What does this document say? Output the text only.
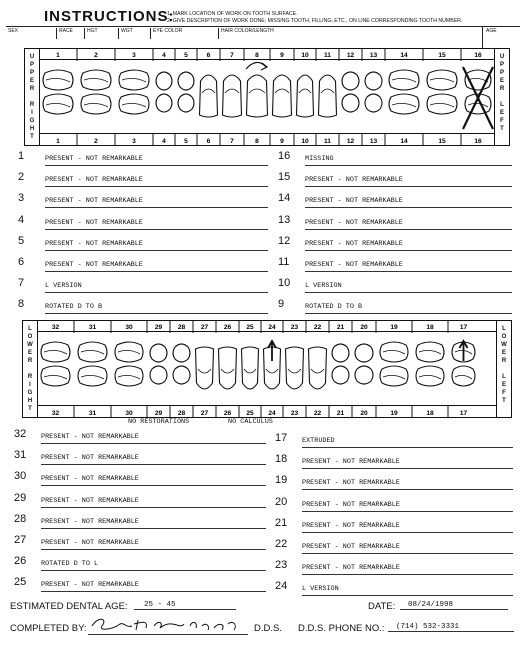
INSTRUCTIONS:
1. MARK LOCATION OF WORK ON TOOTH SURFACE.
2. GIVE DESCRIPTION OF WORK DONE; MISSING TOOTH, FILLING, ETC., ON LINE CORRESPONDING TOOTH NUMBER.
SEX	RACE	HGT	WGT	EYE COLOR	HAIR COLOR/LENGTH	AGE
U
P
P
E
R

R
I
G
H
T
U
P
P
E
R

L
E
F
T
1
1
2
2
3
3
4
4
5
5
6
6
7
7
8
8
9
9
10
10
11
11
12
12
13
13
14
14
15
15
16
16
1	PRESENT - NOT REMARKABLE
2	PRESENT - NOT REMARKABLE
3	PRESENT - NOT REMARKABLE
4	PRESENT - NOT REMARKABLE
5	PRESENT - NOT REMARKABLE
6	PRESENT - NOT REMARKABLE
7	L VERSION
8	ROTATED D TO B
16 MISSING
15 PRESENT - NOT REMARKABLE
14 PRESENT - NOT REMARKABLE
13 PRESENT - NOT REMARKABLE
12 PRESENT - NOT REMARKABLE
11 PRESENT - NOT REMARKABLE
10 L VERSION
9	ROTATED D TO B
L
O
W
E
R

R
I
G
H
T
L
O
W
E
R

L
E
F
T
32
32
31
31
30
30
29
29
28
28
27
27
26
26
25
25
24
24
23
23
22
22
21
21
20
20
19
19
18
18
17
17
NO RESTORATIONS	NO CALCULUS
32 PRESENT - NOT REMARKABLE
31 PRESENT - NOT REMARKABLE
30 PRESENT - NOT REMARKABLE
29 PRESENT - NOT REMARKABLE
28 PRESENT - NOT REMARKABLE
27 PRESENT - NOT REMARKABLE
26 ROTATED D TO L
25 PRESENT - NOT REMARKABLE
17 EXTRUDED
18 PRESENT - NOT REMARKABLE
19 PRESENT - NOT REMARKABLE
20 PRESENT - NOT REMARKABLE
21 PRESENT - NOT REMARKABLE
22 PRESENT - NOT REMARKABLE
23 PRESENT - NOT REMARKABLE
24 L VERSION
ESTIMATED DENTAL AGE:	25 - 45	DATE:	08/24/1998
COMPLETED BY:	D.D.S. D.D.S. PHONE NO.:	(714) 532-3331
